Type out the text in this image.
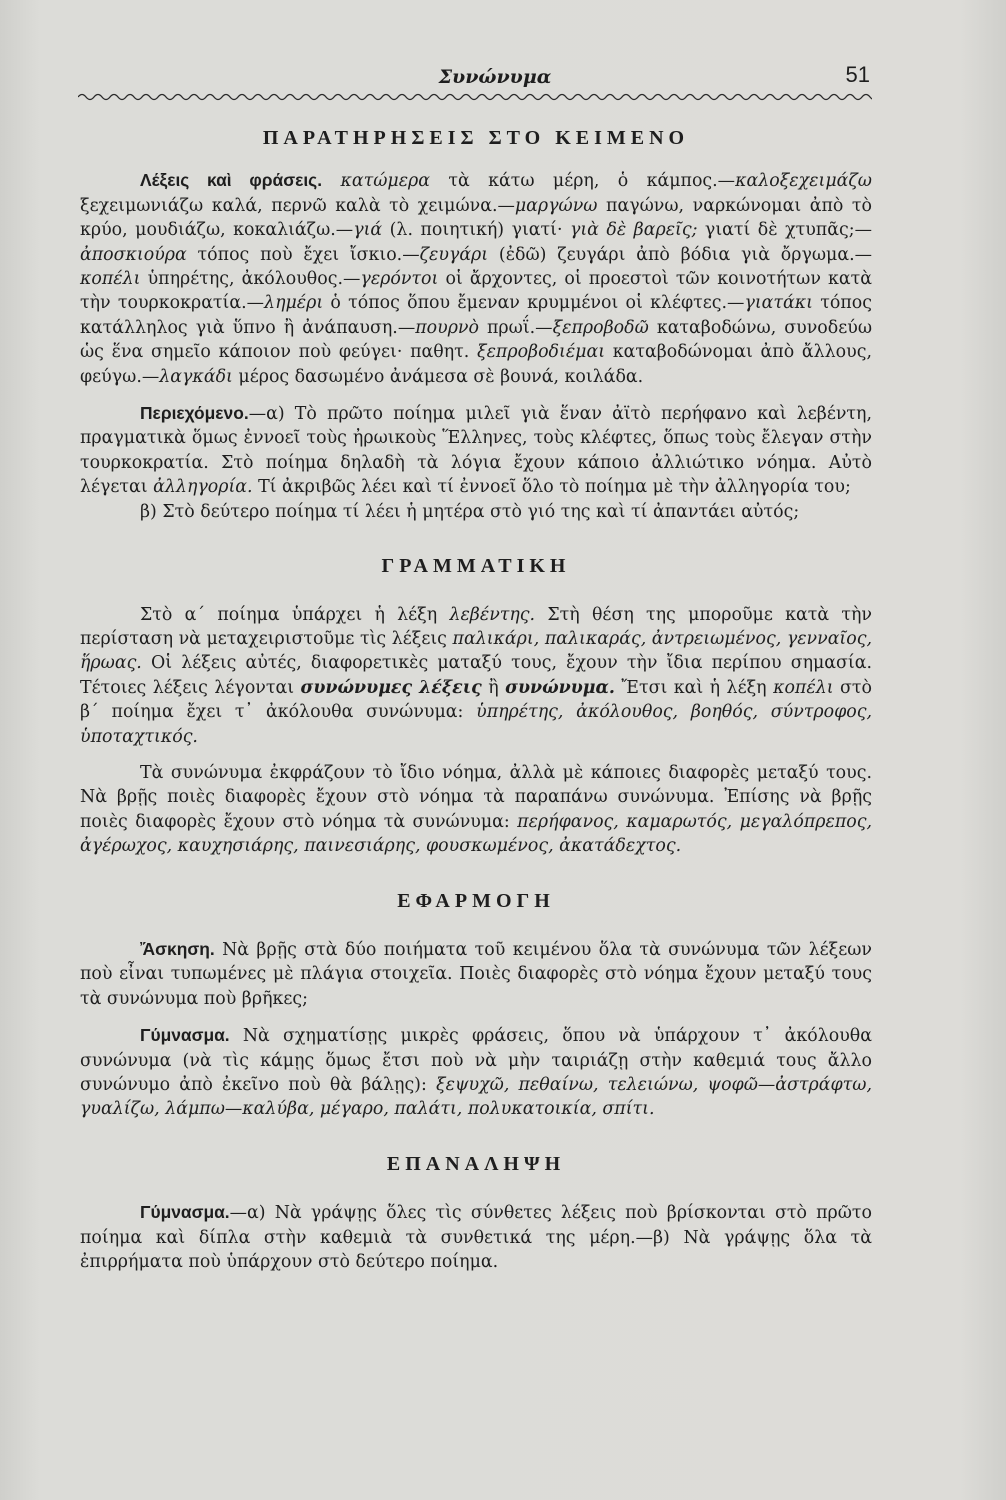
Συνώνυμα	51
ΠΑΡΑΤΗΡΗΣΕΙΣ ΣΤΟ ΚΕΙΜΕΝΟ

Λέξεις καὶ φράσεις. κατώμερα τὰ κάτω μέρη, ὁ κάμπος.—καλοξεχειμάζω ξεχειμωνιάζω καλά, περνῶ καλὰ τὸ χειμώνα.—μαργώνω παγώνω, ναρκώνομαι ἀπὸ τὸ κρύο, μουδιάζω, κοκαλιάζω.—γιά (λ. ποιητική) γιατί· γιὰ δὲ βαρεῖς; γιατί δὲ χτυπᾶς;—ἀποσκιούρα τόπος ποὺ ἔχει ἴσκιο.—ζευγάρι (ἐδῶ) ζευγάρι ἀπὸ βόδια γιὰ ὄργωμα.—κοπέλι ὑπηρέτης, ἀκόλουθος.—γερόντοι οἱ ἄρχοντες, οἱ προεστοὶ τῶν κοινοτήτων κατὰ τὴν τουρκοκρατία.—λημέρι ὁ τόπος ὅπου ἔμεναν κρυμμένοι οἱ κλέφτες.—γιατάκι τόπος κατάλληλος γιὰ ὕπνο ἢ ἀνάπαυση.—πουρνὸ πρωΐ.—ξεπροβοδῶ καταβοδώνω, συνοδεύω ὡς ἕνα σημεῖο κάποιον ποὺ φεύγει· παθητ. ξεπροβοδιέμαι καταβοδώνομαι ἀπὸ ἄλλους, φεύγω.—λαγκάδι μέρος δασωμένο ἀνάμεσα σὲ βουνά, κοιλάδα.

Περιεχόμενο.—α) Τὸ πρῶτο ποίημα μιλεῖ γιὰ ἕναν ἀϊτὸ περήφανο καὶ λεβέντη, πραγματικὰ ὅμως ἐννοεῖ τοὺς ἠρωικοὺς Ἕλληνες, τοὺς κλέφτες, ὅπως τοὺς ἔλεγαν στὴν τουρκοκρατία. Στὸ ποίημα δηλαδὴ τὰ λόγια ἔχουν κάποιο ἀλλιώτικο νόημα. Αὐτὸ λέγεται ἀλληγορία. Τί ἀκριβῶς λέει καὶ τί ἐννοεῖ ὅλο τὸ ποίημα μὲ τὴν ἀλληγορία του;

β) Στὸ δεύτερο ποίημα τί λέει ἡ μητέρα στὸ γιό της καὶ τί ἀπαντάει αὐτός;

ΓΡΑΜΜΑΤΙΚΗ

Στὸ α΄ ποίημα ὑπάρχει ἡ λέξη λεβέντης. Στὴ θέση της μποροῦμε κατὰ τὴν περίσταση νὰ μεταχειριστοῦμε τὶς λέξεις παλικάρι, παλικαράς, ἀντρειωμένος, γενναῖος, ἥρωας. Οἱ λέξεις αὐτές, διαφορετικὲς ματαξύ τους, ἔχουν τὴν ἴδια περίπου σημασία. Τέτοιες λέξεις λέγονται συνώνυμες λέξεις ἢ συνώνυμα. Ἔτσι καὶ ἡ λέξη κοπέλι στὸ β΄ ποίημα ἔχει τ᾽ ἀκόλουθα συνώνυμα: ὑπηρέτης, ἀκόλουθος, βοηθός, σύντροφος, ὑποταχτικός.

Τὰ συνώνυμα ἐκφράζουν τὸ ἴδιο νόημα, ἀλλὰ μὲ κάποιες διαφορὲς μεταξύ τους. Νὰ βρῇς ποιὲς διαφορὲς ἔχουν στὸ νόημα τὰ παραπάνω συνώνυμα. Ἐπίσης νὰ βρῇς ποιὲς διαφορὲς ἔχουν στὸ νόημα τὰ συνώνυμα: περήφανος, καμαρωτός, μεγαλόπρεπος, ἀγέρωχος, καυχησιάρης, παινεσιάρης, φουσκωμένος, ἀκατάδεχτος.

ΕΦΑΡΜΟΓΗ

Ἄσκηση. Νὰ βρῇς στὰ δύο ποιήματα τοῦ κειμένου ὅλα τὰ συνώνυμα τῶν λέξεων ποὺ εἶναι τυπωμένες μὲ πλάγια στοιχεῖα. Ποιὲς διαφορὲς στὸ νόημα ἔχουν μεταξύ τους τὰ συνώνυμα ποὺ βρῆκες;

Γύμνασμα. Νὰ σχηματίσῃς μικρὲς φράσεις, ὅπου νὰ ὑπάρχουν τ᾽ ἀκόλουθα συνώνυμα (νὰ τὶς κάμῃς ὅμως ἔτσι ποὺ νὰ μὴν ταιριάζῃ στὴν καθεμιά τους ἄλλο συνώνυμο ἀπὸ ἐκεῖνο ποὺ θὰ βάλῃς): ξεψυχῶ, πεθαίνω, τελειώνω, ψοφῶ—ἀστράφτω, γυαλίζω, λάμπω—καλύβα, μέγαρο, παλάτι, πολυκατοικία, σπίτι.

ΕΠΑΝΑΛΗΨΗ

Γύμνασμα.—α) Νὰ γράψῃς ὅλες τὶς σύνθετες λέξεις ποὺ βρίσκονται στὸ πρῶτο ποίημα καὶ δίπλα στὴν καθεμιὰ τὰ συνθετικά της μέρη.—β) Νὰ γράψῃς ὅλα τὰ ἐπιρρήματα ποὺ ὑπάρχουν στὸ δεύτερο ποίημα.
